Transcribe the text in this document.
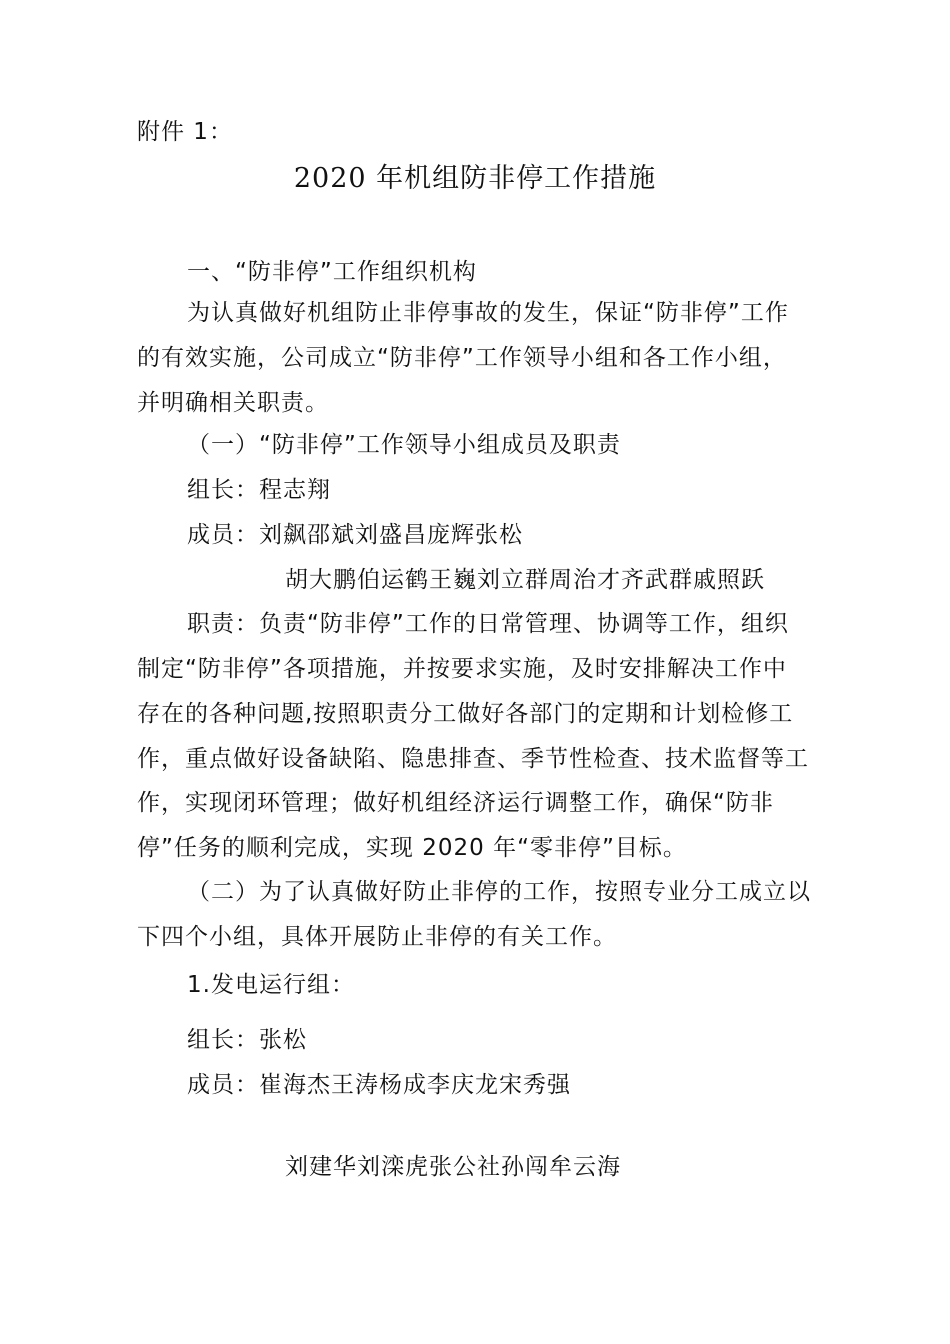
附件 1：
2020 年机组防非停工作措施
一、“防非停”工作组织机构
为认真做好机组防止非停事故的发生，保证“防非停”工作
的有效实施，公司成立“防非停”工作领导小组和各工作小组，
并明确相关职责。
（一）“防非停”工作领导小组成员及职责
组长：程志翔
成员：刘飙邵斌刘盛昌庞辉张松
胡大鹏伯运鹤王巍刘立群周治才齐武群戚照跃
职责：负责“防非停”工作的日常管理、协调等工作，组织
制定“防非停”各项措施，并按要求实施，及时安排解决工作中
存在的各种问题,按照职责分工做好各部门的定期和计划检修工
作，重点做好设备缺陷、隐患排查、季节性检查、技术监督等工
作，实现闭环管理；做好机组经济运行调整工作，确保“防非
停”任务的顺利完成，实现 2020 年“零非停”目标。
（二）为了认真做好防止非停的工作，按照专业分工成立以
下四个小组，具体开展防止非停的有关工作。
1.发电运行组：
组长：张松
成员：崔海杰王涛杨成李庆龙宋秀强
刘建华刘滦虎张公社孙闯牟云海
